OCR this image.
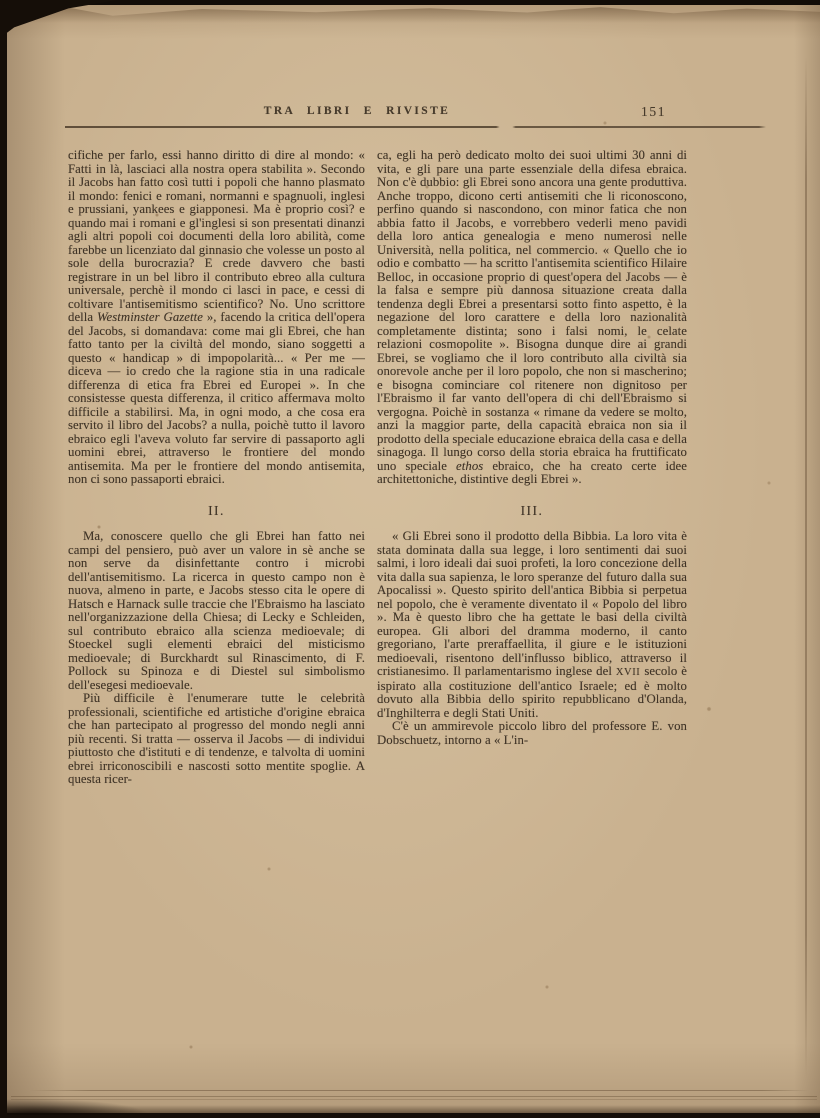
TRA LIBRI E RIVISTE	151

cifiche per farlo, essi hanno diritto di dire al mondo: « Fatti in là, lasciaci alla nostra opera stabilita ». Secondo il Jacobs han fatto così tutti i popoli che hanno plasmato il mondo: fenici e romani, normanni e spagnuoli, inglesi e prussiani, yankees e giapponesi. Ma è proprio così? e quando mai i romani e gl'inglesi si son presentati dinanzi agli altri popoli coi documenti della loro abilità, come farebbe un licenziato dal ginnasio che volesse un posto al sole della burocrazia? E crede davvero che basti registrare in un bel libro il contributo ebreo alla cultura universale, perchè il mondo ci lasci in pace, e cessi di coltivare l'antisemitismo scientifico? No. Uno scrittore della Westminster Gazette », facendo la critica dell'opera del Jacobs, si domandava: come mai gli Ebrei, che han fatto tanto per la civiltà del mondo, siano soggetti a questo « handicap » di impopolarità... « Per me — diceva — io credo che la ragione stia in una radicale differenza di etica fra Ebrei ed Europei ». In che consistesse questa differenza, il critico affermava molto difficile a stabilirsi. Ma, in ogni modo, a che cosa era servito il libro del Jacobs? a nulla, poichè tutto il lavoro ebraico egli l'aveva voluto far servire di passaporto agli uomini ebrei, attraverso le frontiere del mondo antisemita. Ma per le frontiere del mondo antisemita, non ci sono passaporti ebraici.

II.

Ma, conoscere quello che gli Ebrei han fatto nei campi del pensiero, può aver un valore in sè anche se non serve da disinfettante contro i microbi dell'antisemitismo. La ricerca in questo campo non è nuova, almeno in parte, e Jacobs stesso cita le opere di Hatsch e Harnack sulle traccie che l'Ebraismo ha lasciato nell'organizzazione della Chiesa; di Lecky e Schleiden, sul contributo ebraico alla scienza medioevale; di Stoeckel sugli elementi ebraici del misticismo medioevale; di Burckhardt sul Rinascimento, di F. Pollock su Spinoza e di Diestel sul simbolismo dell'esegesi medioevale.

Più difficile è l'enumerare tutte le celebrità professionali, scientifiche ed artistiche d'origine ebraica che han partecipato al progresso del mondo negli anni più recenti. Si tratta — osserva il Jacobs — di individui piuttosto che d'istituti e di tendenze, e talvolta di uomini ebrei irriconoscibili e nascosti sotto mentite spoglie. A questa ricer-

ca, egli ha però dedicato molto dei suoi ultimi 30 anni di vita, e gli pare una parte essenziale della difesa ebraica. Non c'è dubbio: gli Ebrei sono ancora una gente produttiva. Anche troppo, dicono certi antisemiti che li riconoscono, perfino quando si nascondono, con minor fatica che non abbia fatto il Jacobs, e vorrebbero vederli meno pavidi della loro antica genealogia e meno numerosi nelle Università, nella politica, nel commercio. « Quello che io odio e combatto — ha scritto l'antisemita scientifico Hilaire Belloc, in occasione proprio di quest'opera del Jacobs — è la falsa e sempre più dannosa situazione creata dalla tendenza degli Ebrei a presentarsi sotto finto aspetto, è la negazione del loro carattere e della loro nazionalità completamente distinta; sono i falsi nomi, le celate relazioni cosmopolite ». Bisogna dunque dire ai grandi Ebrei, se vogliamo che il loro contributo alla civiltà sia onorevole anche per il loro popolo, che non si mascherino; e bisogna cominciare col ritenere non dignitoso per l'Ebraismo il far vanto dell'opera di chi dell'Ebraismo si vergogna. Poichè in sostanza « rimane da vedere se molto, anzi la maggior parte, della capacità ebraica non sia il prodotto della speciale educazione ebraica della casa e della sinagoga. Il lungo corso della storia ebraica ha fruttificato uno speciale ethos ebraico, che ha creato certe idee architettoniche, distintive degli Ebrei ».

III.

« Gli Ebrei sono il prodotto della Bibbia. La loro vita è stata dominata dalla sua legge, i loro sentimenti dai suoi salmi, i loro ideali dai suoi profeti, la loro concezione della vita dalla sua sapienza, le loro speranze del futuro dalla sua Apocalissi ». Questo spirito dell'antica Bibbia si perpetua nel popolo, che è veramente diventato il « Popolo del libro ». Ma è questo libro che ha gettate le basi della civiltà europea. Gli albori del dramma moderno, il canto gregoriano, l'arte preraffaellita, il giure e le istituzioni medioevali, risentono dell'influsso biblico, attraverso il cristianesimo. Il parlamentarismo inglese del XVII secolo è ispirato alla costituzione dell'antico Israele; ed è molto dovuto alla Bibbia dello spirito repubblicano d'Olanda, d'Inghilterra e degli Stati Uniti.

C'è un ammirevole piccolo libro del professore E. von Dobschuetz, intorno a « L'in-
